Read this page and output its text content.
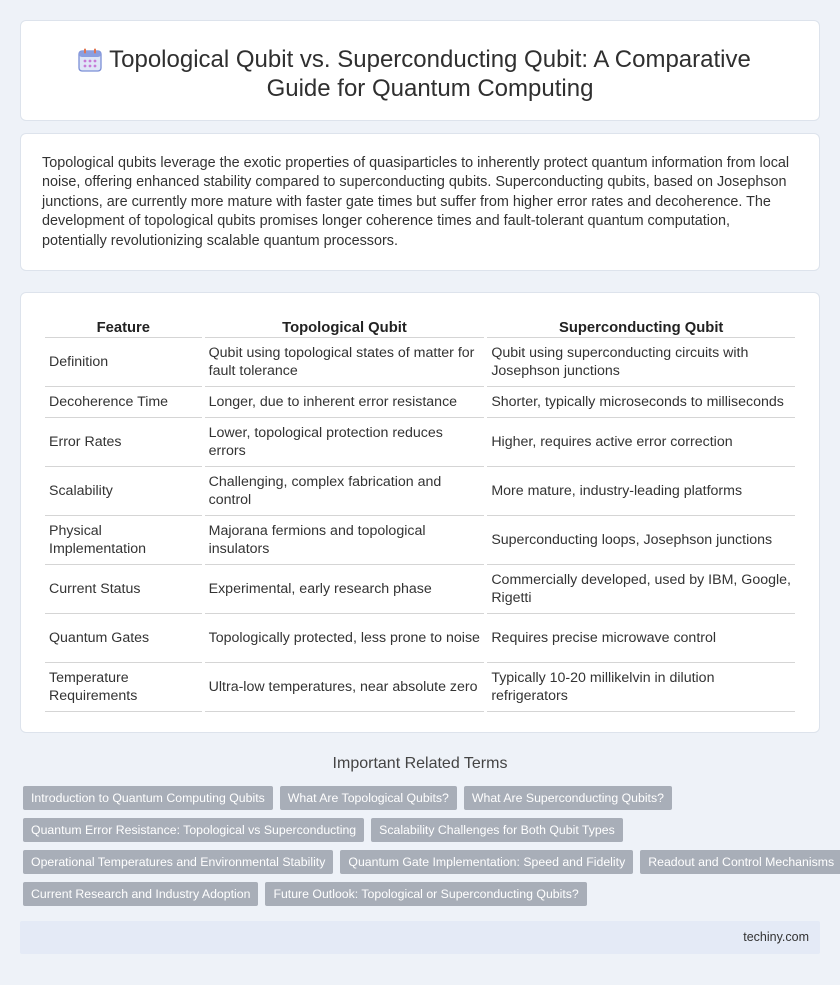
Topological Qubit vs. Superconducting Qubit: A Comparative Guide for Quantum Computing

Topological qubits leverage the exotic properties of quasiparticles to inherently protect quantum information from local noise, offering enhanced stability compared to superconducting qubits. Superconducting qubits, based on Josephson junctions, are currently more mature with faster gate times but suffer from higher error rates and decoherence. The development of topological qubits promises longer coherence times and fault-tolerant quantum computation, potentially revolutionizing scalable quantum processors.

Feature	Topological Qubit	Superconducting Qubit
Definition	Qubit using topological states of matter for fault tolerance	Qubit using superconducting circuits with Josephson junctions
Decoherence Time	Longer, due to inherent error resistance	Shorter, typically microseconds to milliseconds
Error Rates	Lower, topological protection reduces errors	Higher, requires active error correction
Scalability	Challenging, complex fabrication and control	More mature, industry-leading platforms
Physical Implementation	Majorana fermions and topological insulators	Superconducting loops, Josephson junctions
Current Status	Experimental, early research phase	Commercially developed, used by IBM, Google, Rigetti
Quantum Gates	Topologically protected, less prone to noise	Requires precise microwave control
Temperature Requirements	Ultra-low temperatures, near absolute zero	Typically 10-20 millikelvin in dilution refrigerators
Important Related Terms
Introduction to Quantum Computing Qubits	What Are Topological Qubits?	What Are Superconducting Qubits?
Quantum Error Resistance: Topological vs Superconducting	Scalability Challenges for Both Qubit Types
Operational Temperatures and Environmental Stability	Quantum Gate Implementation: Speed and Fidelity	Readout and Control Mechanisms
Current Research and Industry Adoption	Future Outlook: Topological or Superconducting Qubits?
techiny.com
